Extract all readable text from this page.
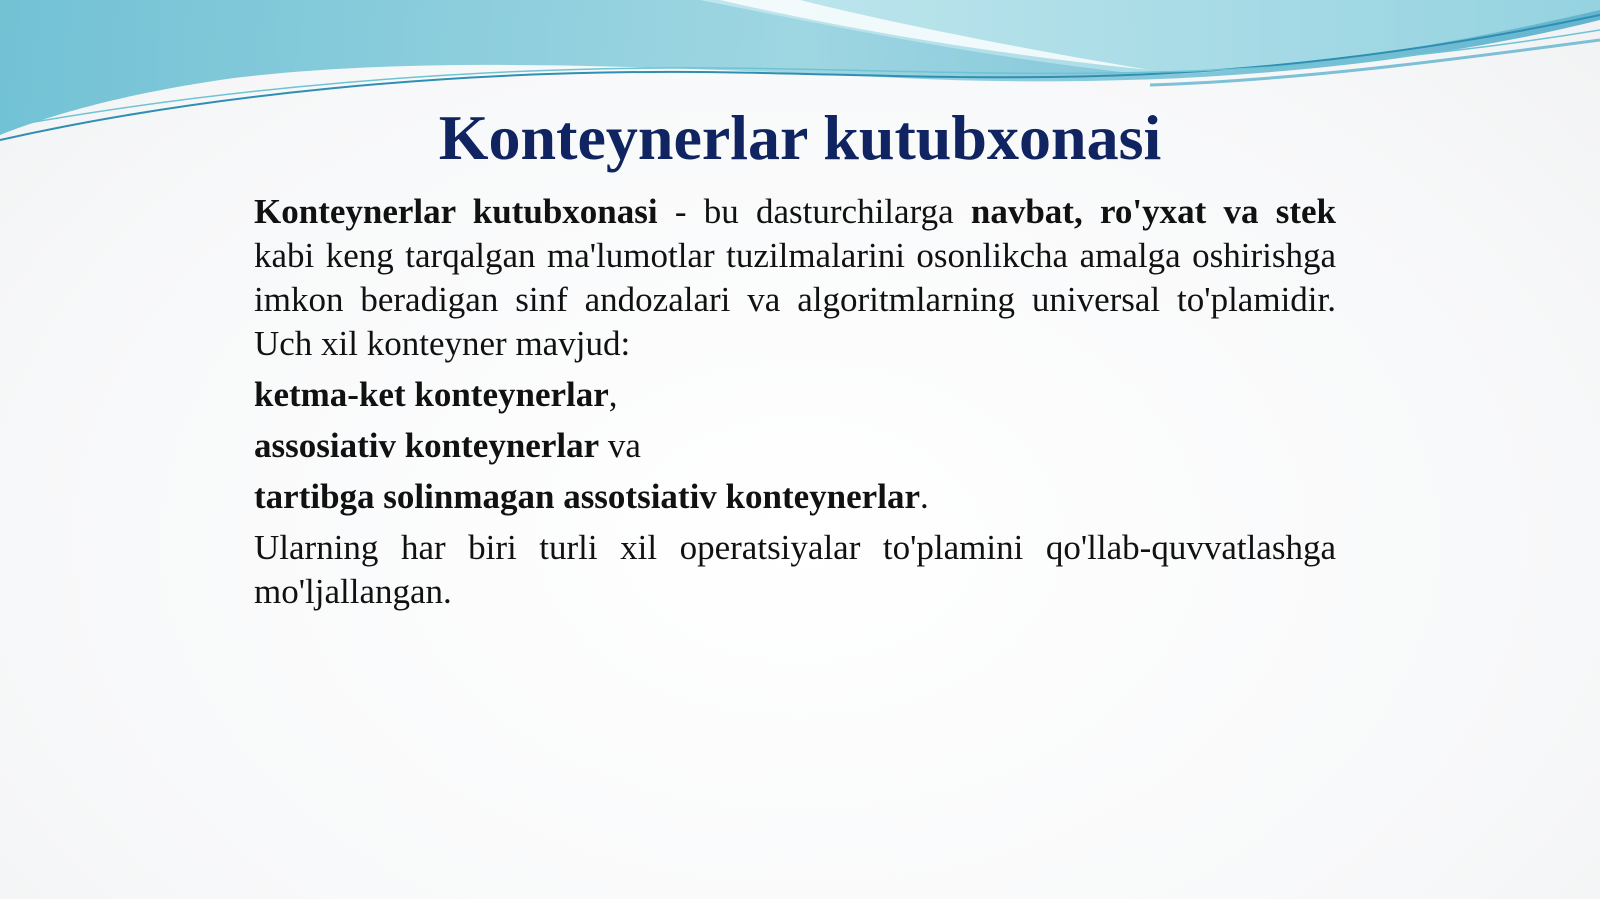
Konteynerlar kutubxonasi

Konteynerlar kutubxonasi - bu dasturchilarga navbat, ro'yxat va stek kabi keng tarqalgan ma'lumotlar tuzilmalarini osonlikcha amalga oshirishga imkon beradigan sinf andozalari va algoritmlarning universal to'plamidir. Uch xil konteyner mavjud:

ketma-ket konteynerlar,

assosiativ konteynerlar va

tartibga solinmagan assotsiativ konteynerlar.

Ularning har biri turli xil operatsiyalar to'plamini qo'llab-quvvatlashga mo'ljallangan.
